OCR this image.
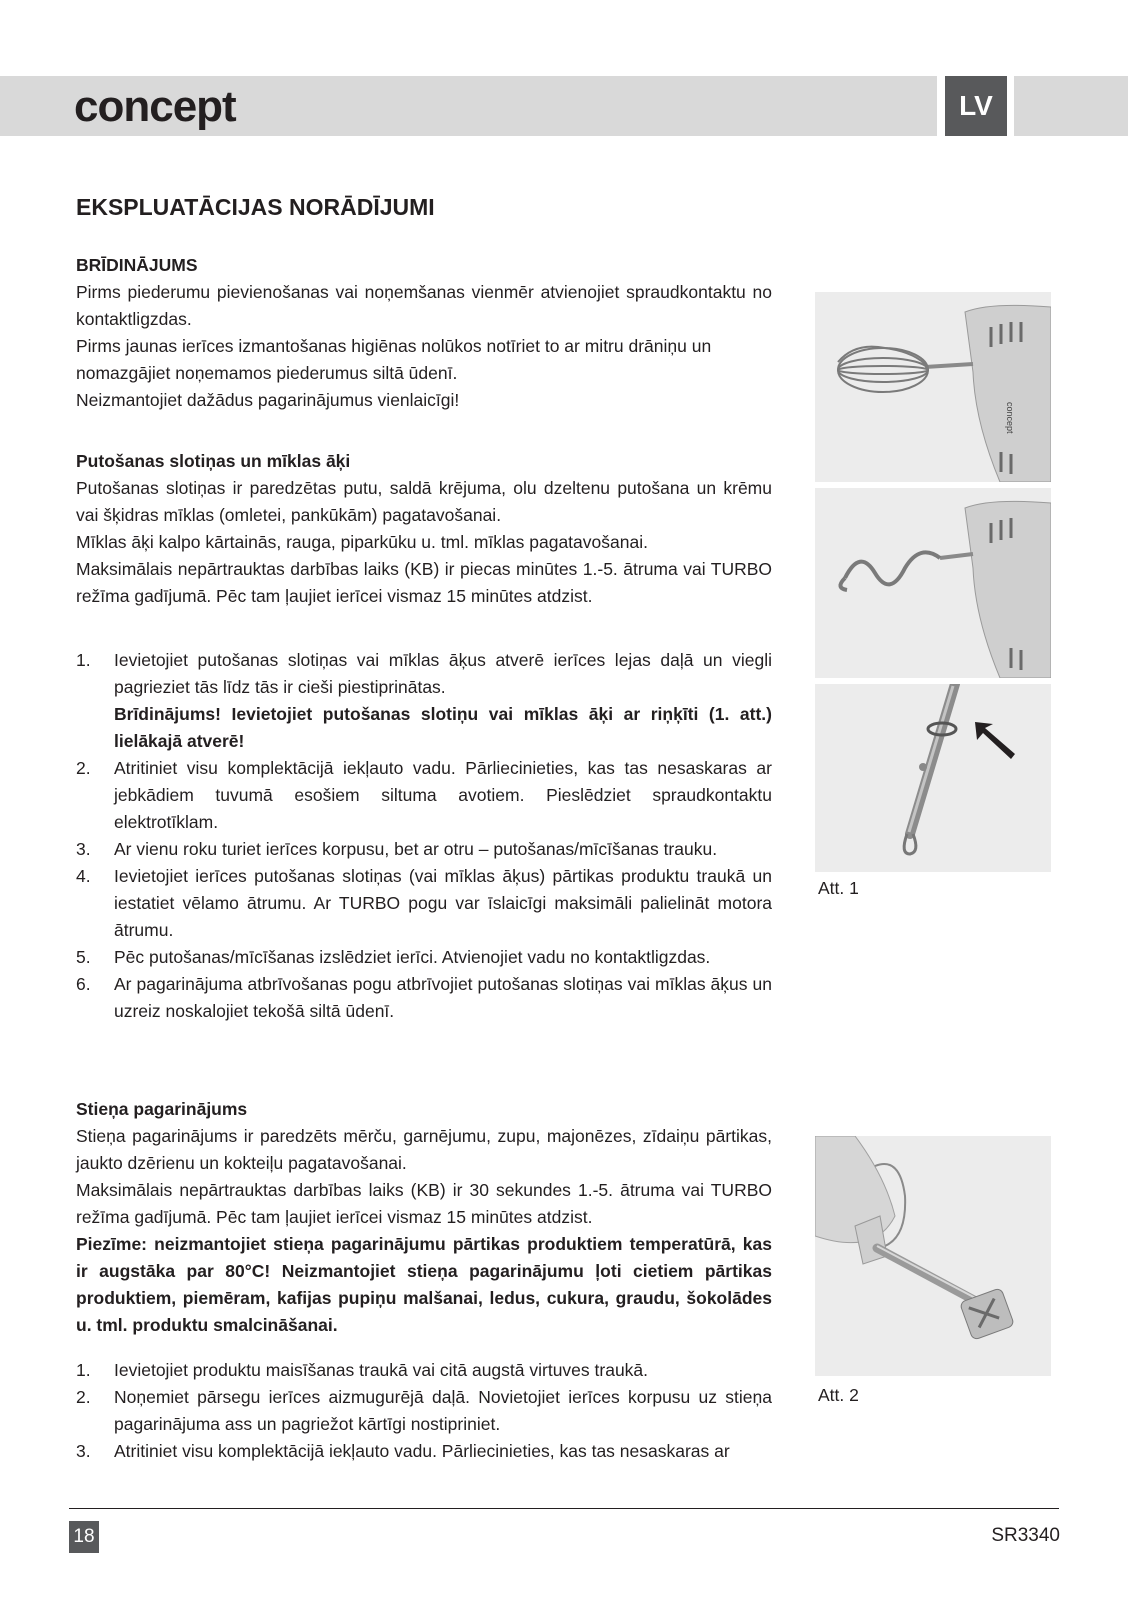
concept	LV
EKSPLUATĀCIJAS NORĀDĪJUMI

BRĪDINĀJUMS

Pirms piederumu pievienošanas vai noņemšanas vienmēr atvienojiet spraudkontaktu no kontaktligzdas.

Pirms jaunas ierīces izmantošanas higiēnas nolūkos notīriet to ar mitru drāniņu un nomazgājiet noņemamos piederumus siltā ūdenī.

Neizmantojiet dažādus pagarinājumus vienlaicīgi!

Putošanas slotiņas un mīklas āķi

Putošanas slotiņas ir paredzētas putu, saldā krējuma, olu dzeltenu putošana un krēmu vai šķidras mīklas (omletei, pankūkām) pagatavošanai.

Mīklas āķi kalpo kārtainās, rauga, piparkūku u. tml. mīklas pagatavošanai.

Maksimālais nepārtrauktas darbības laiks (KB) ir piecas minūtes 1.-5. ātruma vai TURBO režīma gadījumā. Pēc tam ļaujiet ierīcei vismaz 15 minūtes atdzist.

1.	Ievietojiet putošanas slotiņas vai mīklas āķus atverē ierīces lejas daļā un viegli pagrieziet tās līdz tās ir cieši piestiprinātas.
Brīdinājums! Ievietojiet putošanas slotiņu vai mīklas āķi ar riņķīti (1. att.) lielākajā atverē!
2.	Atritiniet visu komplektācijā iekļauto vadu. Pārliecinieties, kas tas nesaskaras ar jebkādiem tuvumā esošiem siltuma avotiem. Pieslēdziet spraudkontaktu elektrotīklam.
3.	Ar vienu roku turiet ierīces korpusu, bet ar otru – putošanas/mīcīšanas trauku.
4.	Ievietojiet ierīces putošanas slotiņas (vai mīklas āķus) pārtikas produktu traukā un iestatiet vēlamo ātrumu. Ar TURBO pogu var īslaicīgi maksimāli palielināt motora ātrumu.
5.	Pēc putošanas/mīcīšanas izslēdziet ierīci. Atvienojiet vadu no kontaktligzdas.
6.	Ar pagarinājuma atbrīvošanas pogu atbrīvojiet putošanas slotiņas vai mīklas āķus un uzreiz noskalojiet tekošā siltā ūdenī.

Stieņa pagarinājums

Stieņa pagarinājums ir paredzēts mērču, garnējumu, zupu, majonēzes, zīdaiņu pārtikas, jaukto dzērienu un kokteiļu pagatavošanai.

Maksimālais nepārtrauktas darbības laiks (KB) ir 30 sekundes 1.-5. ātruma vai TURBO režīma gadījumā. Pēc tam ļaujiet ierīcei vismaz 15 minūtes atdzist.

Piezīme: neizmantojiet stieņa pagarinājumu pārtikas produktiem temperatūrā, kas ir augstāka par 80°C! Neizmantojiet stieņa pagarinājumu ļoti cietiem pārtikas produktiem, piemēram, kafijas pupiņu malšanai, ledus, cukura, graudu, šokolādes u. tml. produktu smalcināšanai.

1.	Ievietojiet produktu maisīšanas traukā vai citā augstā virtuves traukā.
2.	Noņemiet pārsegu ierīces aizmugurējā daļā. Novietojiet ierīces korpusu uz stieņa pagarinājuma ass un pagriežot kārtīgi nostipriniet.
3.	Atritiniet visu komplektācijā iekļauto vadu. Pārliecinieties, kas tas nesaskaras ar
concept
Att. 1
Att. 2
18	SR3340
